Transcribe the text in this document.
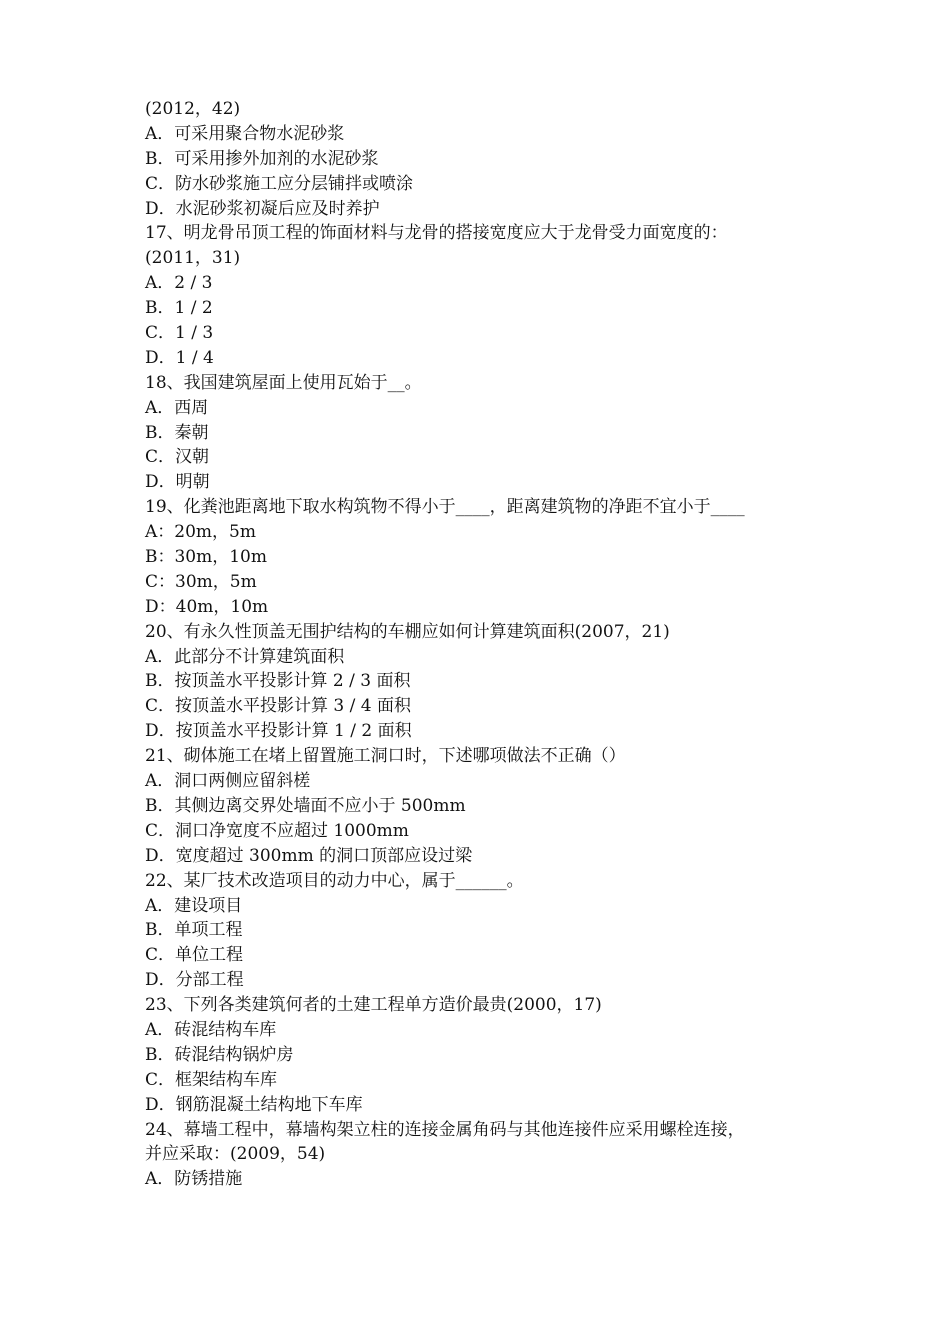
(2012，42)
A．可采用聚合物水泥砂浆
B．可采用掺外加剂的水泥砂浆
C．防水砂浆施工应分层铺拌或喷涂
D．水泥砂浆初凝后应及时养护
17、明龙骨吊顶工程的饰面材料与龙骨的搭接宽度应大于龙骨受力面宽度的：
(2011，31)
A．2 / 3
B．1 / 2
C．1 / 3
D．1 / 4
18、我国建筑屋面上使用瓦始于__。
A．西周
B．秦朝
C．汉朝
D．明朝
19、化粪池距离地下取水构筑物不得小于____，距离建筑物的净距不宜小于____
A：20m，5m
B：30m，10m
C：30m，5m
D：40m，10m
20、有永久性顶盖无围护结构的车棚应如何计算建筑面积(2007，21)
A．此部分不计算建筑面积
B．按顶盖水平投影计算 2 / 3 面积
C．按顶盖水平投影计算 3 / 4 面积
D．按顶盖水平投影计算 1 / 2 面积
21、砌体施工在堵上留置施工洞口时，下述哪项做法不正确（）
A．洞口两侧应留斜槎
B．其侧边离交界处墙面不应小于 500mm
C．洞口净宽度不应超过 1000mm
D．宽度超过 300mm 的洞口顶部应设过梁
22、某厂技术改造项目的动力中心，属于______。
A．建设项目
B．单项工程
C．单位工程
D．分部工程
23、下列各类建筑何者的土建工程单方造价最贵(2000，17)
A．砖混结构车库
B．砖混结构锅炉房
C．框架结构车库
D．钢筋混凝土结构地下车库
24、幕墙工程中，幕墙构架立柱的连接金属角码与其他连接件应采用螺栓连接，
并应采取：(2009，54)
A．防锈措施
